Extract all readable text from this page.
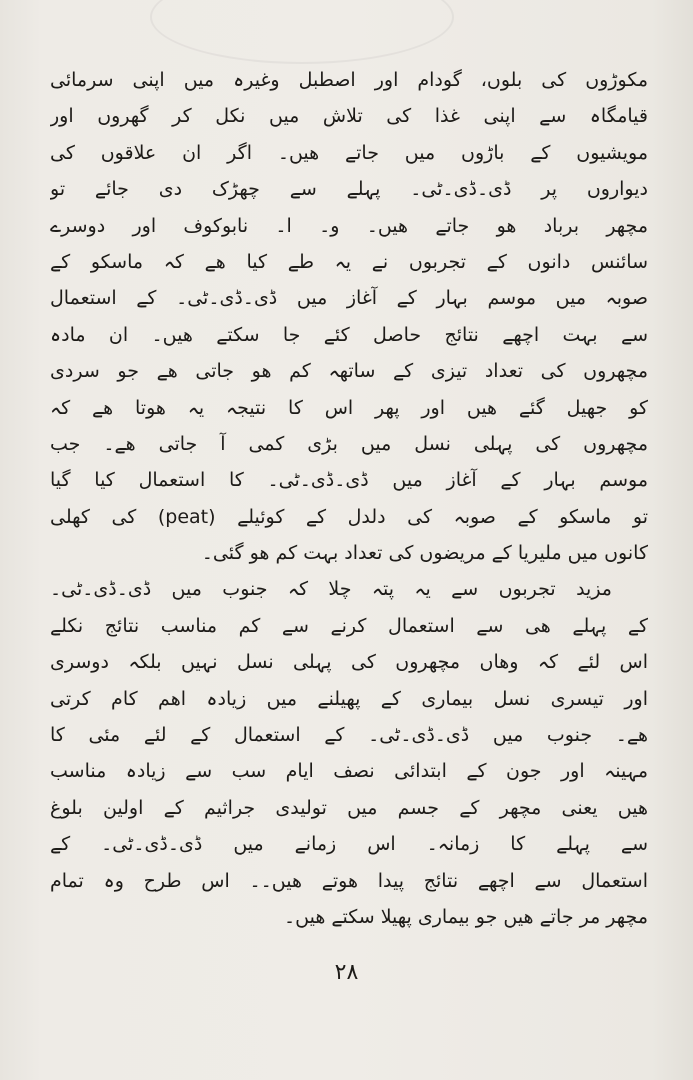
مکوڑوں کی بلوں، گودام اور اصطبل وغیرہ میں اپنی سرمائی
قیامگاہ سے اپنی غذا کی تلاش میں نکل کر گھروں اور
مویشیوں کے باڑوں میں جاتے ھیں۔ اگر ان علاقوں کی
دیواروں پر ڈی۔ڈی۔ٹی۔ پہلے سے چھڑک دی جائے تو
مچھر برباد ھو جاتے ھیں۔ و۔ ا۔ نابوکوف اور دوسرے
سائنس دانوں کے تجربوں نے یہ طے کیا ھے کہ ماسکو کے
صوبہ میں موسم بہار کے آغاز میں ڈی۔ڈی۔ٹی۔ کے استعمال
سے بہت اچھے نتائج حاصل کئے جا سکتے ھیں۔ ان مادہ
مچھروں کی تعداد تیزی کے ساتھہ کم ھو جاتی ھے جو سردی
کو جھیل گئے ھیں اور پھر اس کا نتیجہ یہ ھوتا ھے کہ
مچھروں کی پہلی نسل میں بڑی کمی آ جاتی ھے۔ جب
موسم بہار کے آغاز میں ڈی۔ڈی۔ٹی۔ کا استعمال کیا گیا
تو ماسکو کے صوبہ کی دلدل کے کوئیلے (peat) کی کھلی
کانوں میں ملیریا کے مریضوں کی تعداد بہت کم ھو گئی۔
مزید تجربوں سے یہ پتہ چلا کہ جنوب میں ڈی۔ڈی۔ٹی۔
کے پہلے ھی سے استعمال کرنے سے کم مناسب نتائج نکلے
اس لئے کہ وھاں مچھروں کی پہلی نسل نہیں بلکہ دوسری
اور تیسری نسل بیماری کے پھیلنے میں زیادہ اھم کام کرتی
ھے۔ جنوب میں ڈی۔ڈی۔ٹی۔ کے استعمال کے لئے مئی کا
مہینہ اور جون کے ابتدائی نصف ایام سب سے زیادہ مناسب
ھیں یعنی مچھر کے جسم میں تولیدی جراثیم کے اولین بلوغ
سے پہلے کا زمانہ۔ اس زمانے میں ڈی۔ڈی۔ٹی۔ کے
استعمال سے اچھے نتائج پیدا ھوتے ھیں۔۔ اس طرح وہ تمام
مچھر مر جاتے ھیں جو بیماری پھیلا سکتے ھیں۔
۲۸
